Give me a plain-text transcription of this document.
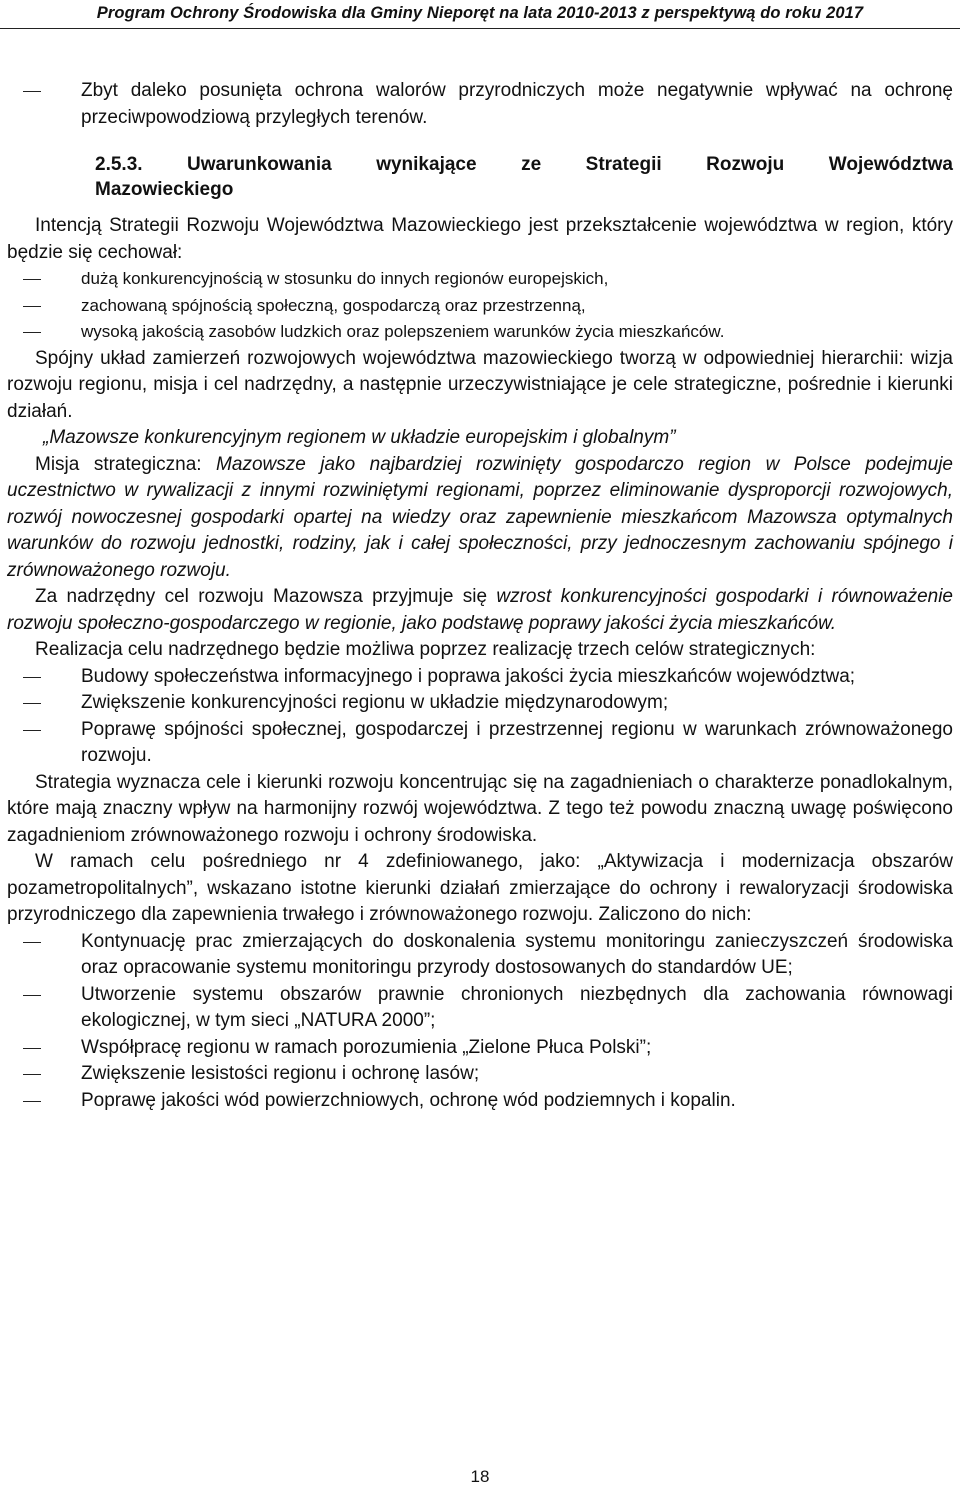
Program Ochrony Środowiska dla Gminy Nieporęt na lata 2010-2013 z perspektywą do roku 2017
Zbyt daleko posunięta ochrona walorów przyrodniczych może negatywnie wpływać na ochronę przeciwpowodziową przyległych terenów.
2.5.3. Uwarunkowania wynikające ze Strategii Rozwoju Województwa
Mazowieckiego
Intencją Strategii Rozwoju Województwa Mazowieckiego jest przekształcenie województwa w region, który będzie się cechował:
dużą konkurencyjnością w stosunku do innych regionów europejskich,
zachowaną spójnością społeczną, gospodarczą oraz przestrzenną,
wysoką jakością zasobów ludzkich oraz polepszeniem warunków życia mieszkańców.
Spójny układ zamierzeń rozwojowych województwa mazowieckiego tworzą w odpowiedniej hierarchii: wizja rozwoju regionu, misja i cel nadrzędny, a następnie urzeczywistniające je cele strategiczne, pośrednie i kierunki działań.
„Mazowsze konkurencyjnym regionem w układzie europejskim i globalnym”
Misja strategiczna: Mazowsze jako najbardziej rozwinięty gospodarczo region w Polsce podejmuje uczestnictwo w rywalizacji z innymi rozwiniętymi regionami, poprzez eliminowanie dysproporcji rozwojowych, rozwój nowoczesnej gospodarki opartej na wiedzy oraz zapewnienie mieszkańcom Mazowsza optymalnych warunków do rozwoju jednostki, rodziny, jak i całej społeczności, przy jednoczesnym zachowaniu spójnego i zrównoważonego rozwoju.
Za nadrzędny cel rozwoju Mazowsza przyjmuje się wzrost konkurencyjności gospodarki i równoważenie rozwoju społeczno-gospodarczego w regionie, jako podstawę poprawy jakości życia mieszkańców.
Realizacja celu nadrzędnego będzie możliwa poprzez realizację trzech celów strategicznych:
Budowy społeczeństwa informacyjnego i poprawa jakości życia mieszkańców województwa;
Zwiększenie konkurencyjności regionu w układzie międzynarodowym;
Poprawę spójności społecznej, gospodarczej i przestrzennej regionu w warunkach zrównoważonego rozwoju.
Strategia wyznacza cele i kierunki rozwoju koncentrując się na zagadnieniach o charakterze ponadlokalnym, które mają znaczny wpływ na harmonijny rozwój województwa. Z tego też powodu znaczną uwagę poświęcono zagadnieniom zrównoważonego rozwoju i ochrony środowiska.
W ramach celu pośredniego nr 4 zdefiniowanego, jako: „Aktywizacja i modernizacja obszarów pozametropolitalnych”, wskazano istotne kierunki działań zmierzające do ochrony i rewaloryzacji środowiska przyrodniczego dla zapewnienia trwałego i zrównoważonego rozwoju. Zaliczono do nich:
Kontynuację prac zmierzających do doskonalenia systemu monitoringu zanieczyszczeń środowiska oraz opracowanie systemu monitoringu przyrody dostosowanych do standardów UE;
Utworzenie systemu obszarów prawnie chronionych niezbędnych dla zachowania równowagi ekologicznej, w tym sieci „NATURA 2000”;
Współpracę regionu w ramach porozumienia „Zielone Płuca Polski”;
Zwiększenie lesistości regionu i ochronę lasów;
Poprawę jakości wód powierzchniowych, ochronę wód podziemnych i kopalin.
18
